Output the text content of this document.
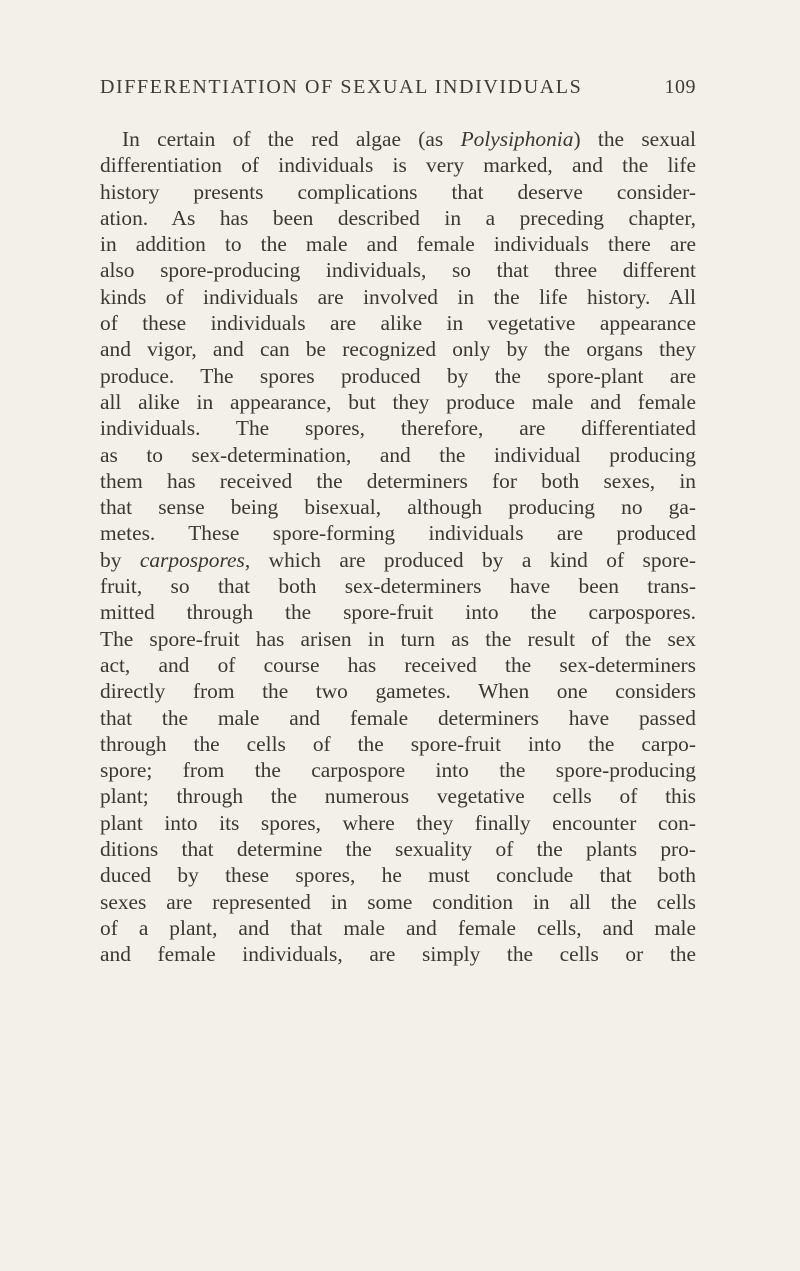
DIFFERENTIATION OF SEXUAL INDIVIDUALS	109
In certain of the red algae (as Polysiphonia) the sexual
differentiation of individuals is very marked, and the life
history presents complications that deserve consider-
ation. As has been described in a preceding chapter,
in addition to the male and female individuals there are
also spore-producing individuals, so that three different
kinds of individuals are involved in the life history. All
of these individuals are alike in vegetative appearance
and vigor, and can be recognized only by the organs they
produce. The spores produced by the spore-plant are
all alike in appearance, but they produce male and female
individuals. The spores, therefore, are differentiated
as to sex-determination, and the individual producing
them has received the determiners for both sexes, in
that sense being bisexual, although producing no ga-
metes. These spore-forming individuals are produced
by carpospores, which are produced by a kind of spore-
fruit, so that both sex-determiners have been trans-
mitted through the spore-fruit into the carpospores.
The spore-fruit has arisen in turn as the result of the sex
act, and of course has received the sex-determiners
directly from the two gametes. When one considers
that the male and female determiners have passed
through the cells of the spore-fruit into the carpo-
spore; from the carpospore into the spore-producing
plant; through the numerous vegetative cells of this
plant into its spores, where they finally encounter con-
ditions that determine the sexuality of the plants pro-
duced by these spores, he must conclude that both
sexes are represented in some condition in all the cells
of a plant, and that male and female cells, and male
and female individuals, are simply the cells or the
